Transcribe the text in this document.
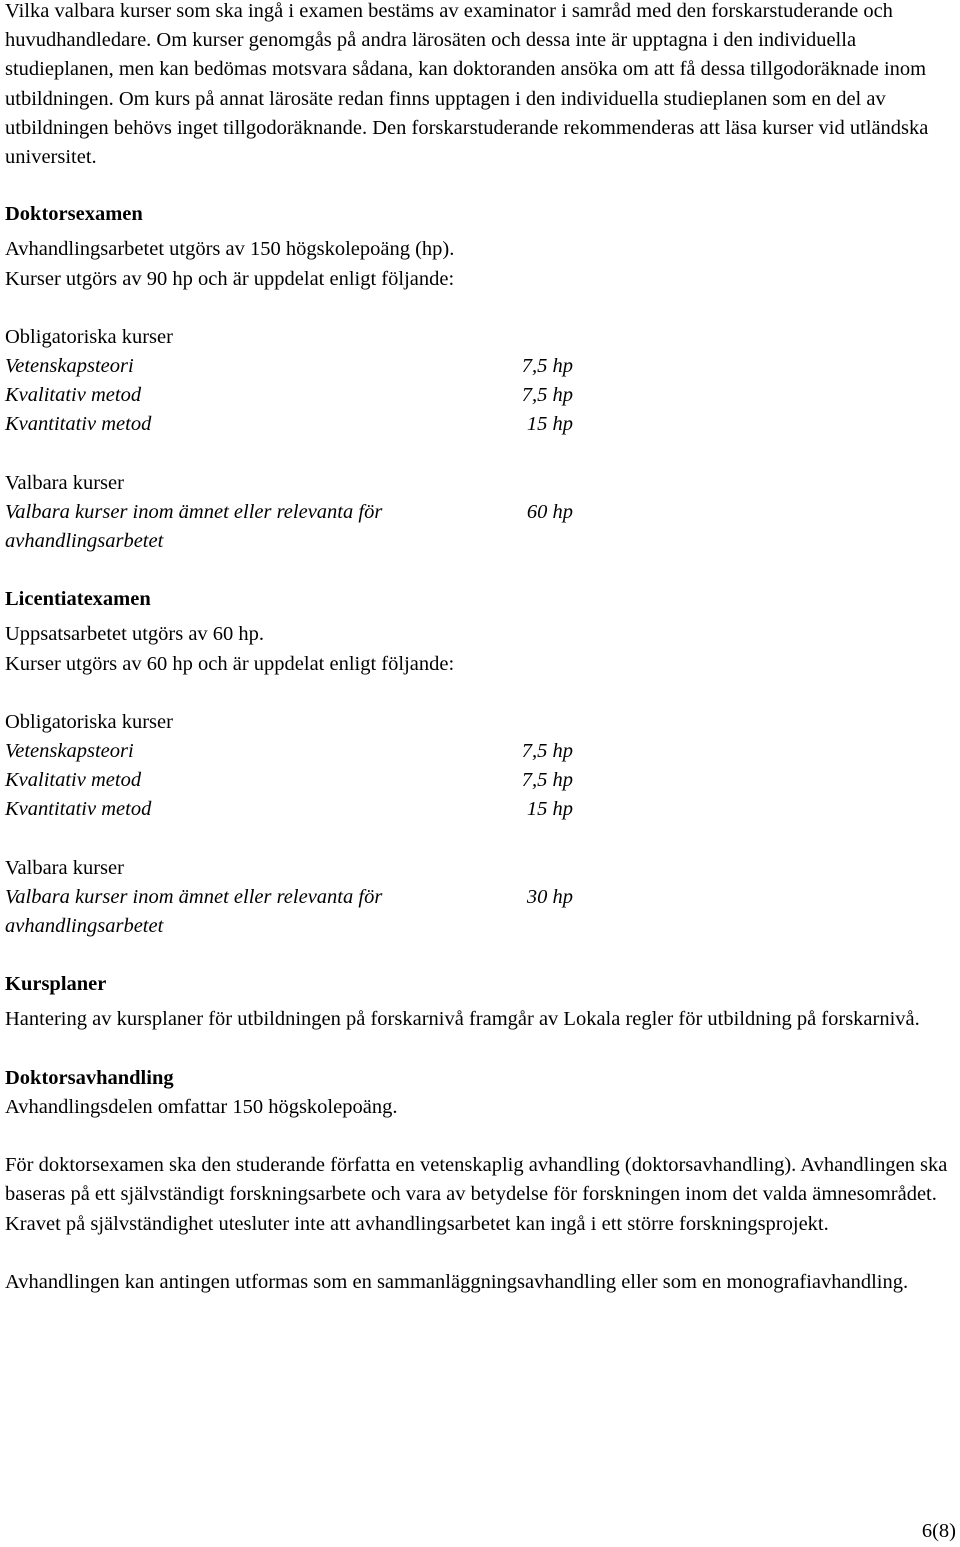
Vilka valbara kurser som ska ingå i examen bestäms av examinator i samråd med den forskarstuderande och huvudhandledare. Om kurser genomgås på andra lärosäten och dessa inte är upptagna i den individuella studieplanen, men kan bedömas motsvara sådana, kan doktoranden ansöka om att få dessa tillgodoräknade inom utbildningen. Om kurs på annat lärosäte redan finns upptagen i den individuella studieplanen som en del av utbildningen behövs inget tillgodoräknande. Den forskarstuderande rekommenderas att läsa kurser vid utländska universitet.

Doktorsexamen

Avhandlingsarbetet utgörs av 150 högskolepoäng (hp).

Kurser utgörs av 90 hp och är uppdelat enligt följande:

Obligatoriska kurser	
Vetenskapsteori	7,5 hp
Kvalitativ metod	7,5 hp
Kvantitativ metod	15 hp

Valbara kurser	
Valbara kurser inom ämnet eller relevanta för	60 hp
avhandlingsarbetet	
Licentiatexamen

Uppsatsarbetet utgörs av 60 hp.

Kurser utgörs av 60 hp och är uppdelat enligt följande:

Obligatoriska kurser	
Vetenskapsteori	7,5 hp
Kvalitativ metod	7,5 hp
Kvantitativ metod	15 hp

Valbara kurser	
Valbara kurser inom ämnet eller relevanta för	30 hp
avhandlingsarbetet	
Kursplaner

Hantering av kursplaner för utbildningen på forskarnivå framgår av Lokala regler för utbildning på forskarnivå.

Doktorsavhandling

Avhandlingsdelen omfattar 150 högskolepoäng.

För doktorsexamen ska den studerande författa en vetenskaplig avhandling (doktorsavhandling). Avhandlingen ska baseras på ett självständigt forskningsarbete och vara av betydelse för forskningen inom det valda ämnesområdet. Kravet på självständighet utesluter inte att avhandlingsarbetet kan ingå i ett större forskningsprojekt.

Avhandlingen kan antingen utformas som en sammanläggningsavhandling eller som en monografiavhandling.

6(8)
